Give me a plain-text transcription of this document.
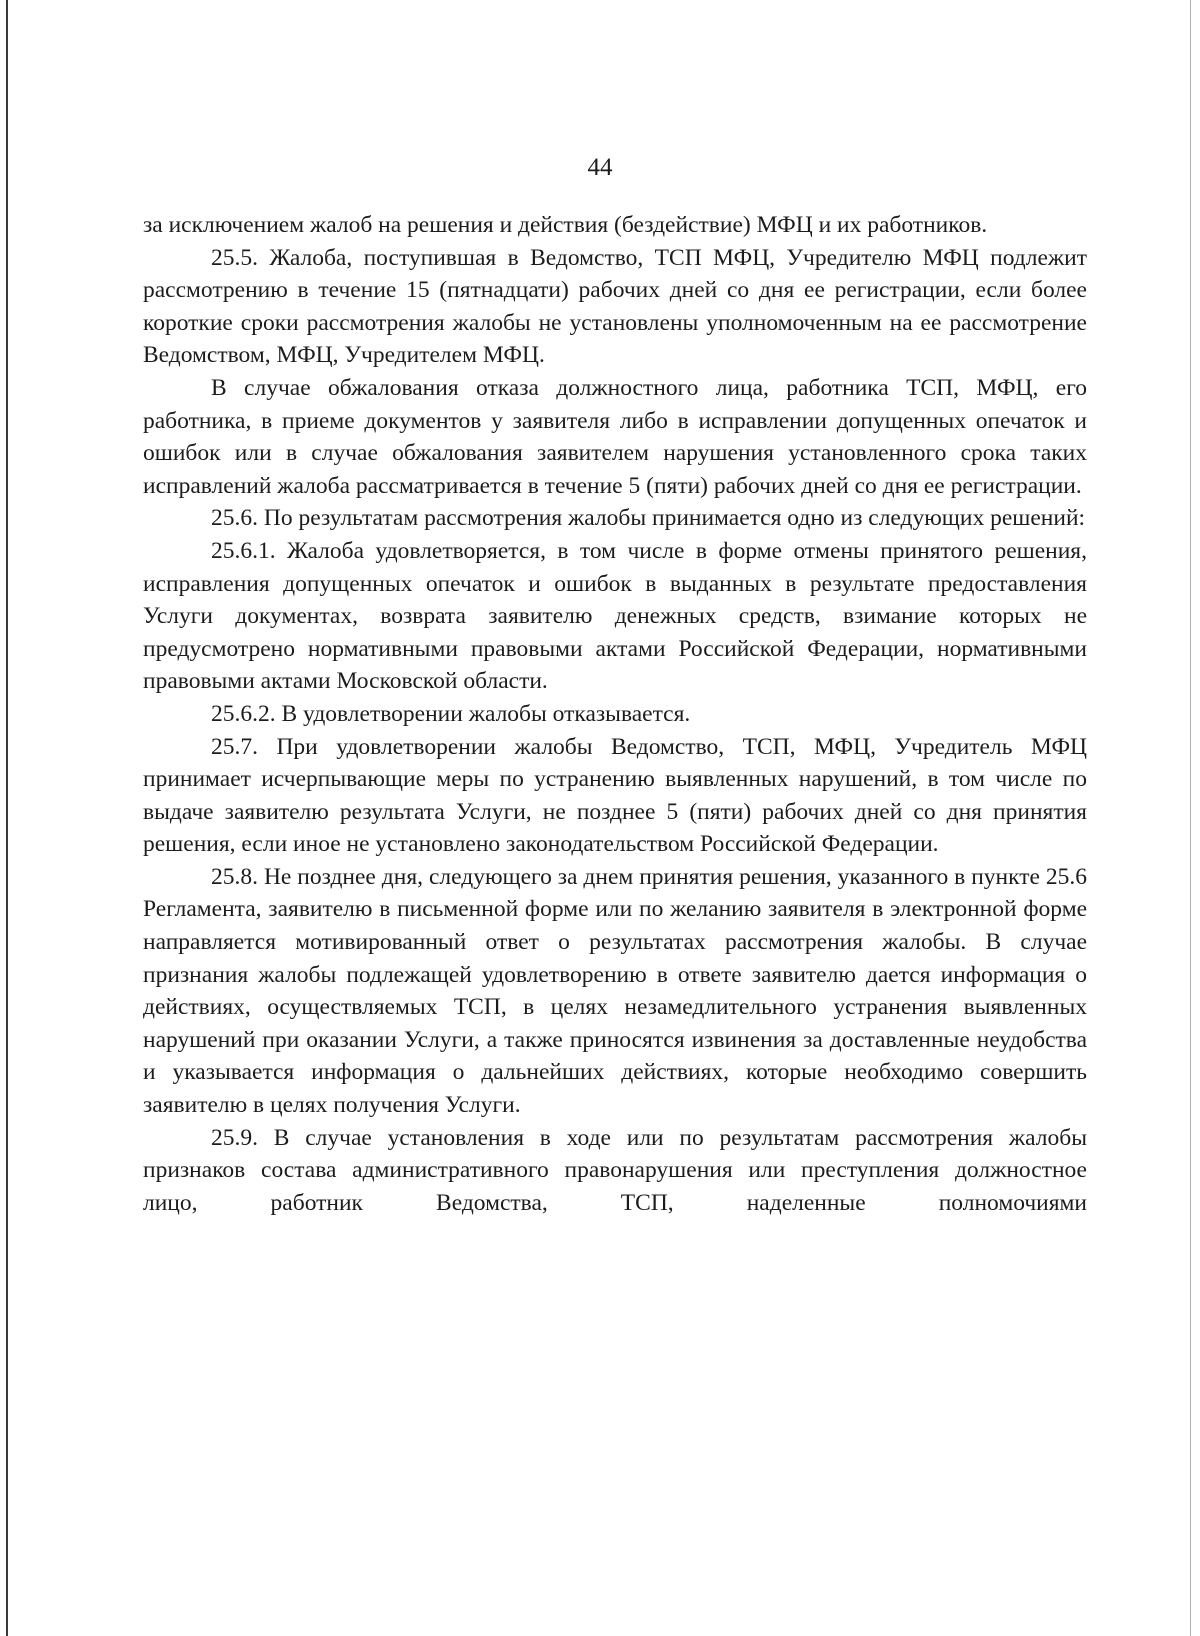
44

за исключением жалоб на решения и действия (бездействие) МФЦ и их работников.

25.5. Жалоба, поступившая в Ведомство, ТСП МФЦ, Учредителю МФЦ подлежит рассмотрению в течение 15 (пятнадцати) рабочих дней со дня ее регистрации, если более короткие сроки рассмотрения жалобы не установлены уполномоченным на ее рассмотрение Ведомством, МФЦ, Учредителем МФЦ.

В случае обжалования отказа должностного лица, работника ТСП, МФЦ, его работника, в приеме документов у заявителя либо в исправлении допущенных опечаток и ошибок или в случае обжалования заявителем нарушения установленного срока таких исправлений жалоба рассматривается в течение 5 (пяти) рабочих дней со дня ее регистрации.

25.6. По результатам рассмотрения жалобы принимается одно из следующих решений:

25.6.1. Жалоба удовлетворяется, в том числе в форме отмены принятого решения, исправления допущенных опечаток и ошибок в выданных в результате предоставления Услуги документах, возврата заявителю денежных средств, взимание которых не предусмотрено нормативными правовыми актами Российской Федерации, нормативными правовыми актами Московской области.

25.6.2. В удовлетворении жалобы отказывается.

25.7. При удовлетворении жалобы Ведомство, ТСП, МФЦ, Учредитель МФЦ принимает исчерпывающие меры по устранению выявленных нарушений, в том числе по выдаче заявителю результата Услуги, не позднее 5 (пяти) рабочих дней со дня принятия решения, если иное не установлено законодательством Российской Федерации.

25.8. Не позднее дня, следующего за днем принятия решения, указанного в пункте 25.6 Регламента, заявителю в письменной форме или по желанию заявителя в электронной форме направляется мотивированный ответ о результатах рассмотрения жалобы. В случае признания жалобы подлежащей удовлетворению в ответе заявителю дается информация о действиях, осуществляемых ТСП, в целях незамедлительного устранения выявленных нарушений при оказании Услуги, а также приносятся извинения за доставленные неудобства и указывается информация о дальнейших действиях, которые необходимо совершить заявителю в целях получения Услуги.

25.9. В случае установления в ходе или по результатам рассмотрения жалобы признаков состава административного правонарушения или преступления должностное лицо, работник Ведомства, ТСП, наделенные полномочиями
